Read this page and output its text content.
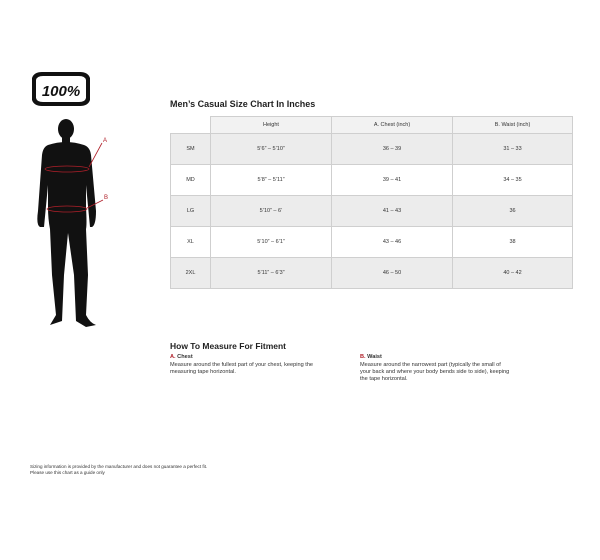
100%
A
B
Men’s Casual Size Chart In Inches
	Height	A. Chest (inch)	B. Waist (inch)
SM	5’6” – 5’10”	36 – 39	31 – 33
MD	5’8” – 5’11”	39 – 41	34 – 35
LG	5’10” – 6’	41 – 43	36
XL	5’10” – 6’1”	43 – 46	38
2XL	5’11” – 6’3”	46 – 50	40 – 42
How To Measure For Fitment
A. Chest
Measure around the fullest part of your chest, keeping the
measuring tape horizontal.
B. Waist
Measure around the narrowest part (typically the small of
your back and where your body bends side to side), keeping
the tape horizontal.
Sizing information is provided by the manufacturer and does not guarantee a perfect fit.
Please use this chart as a guide only
